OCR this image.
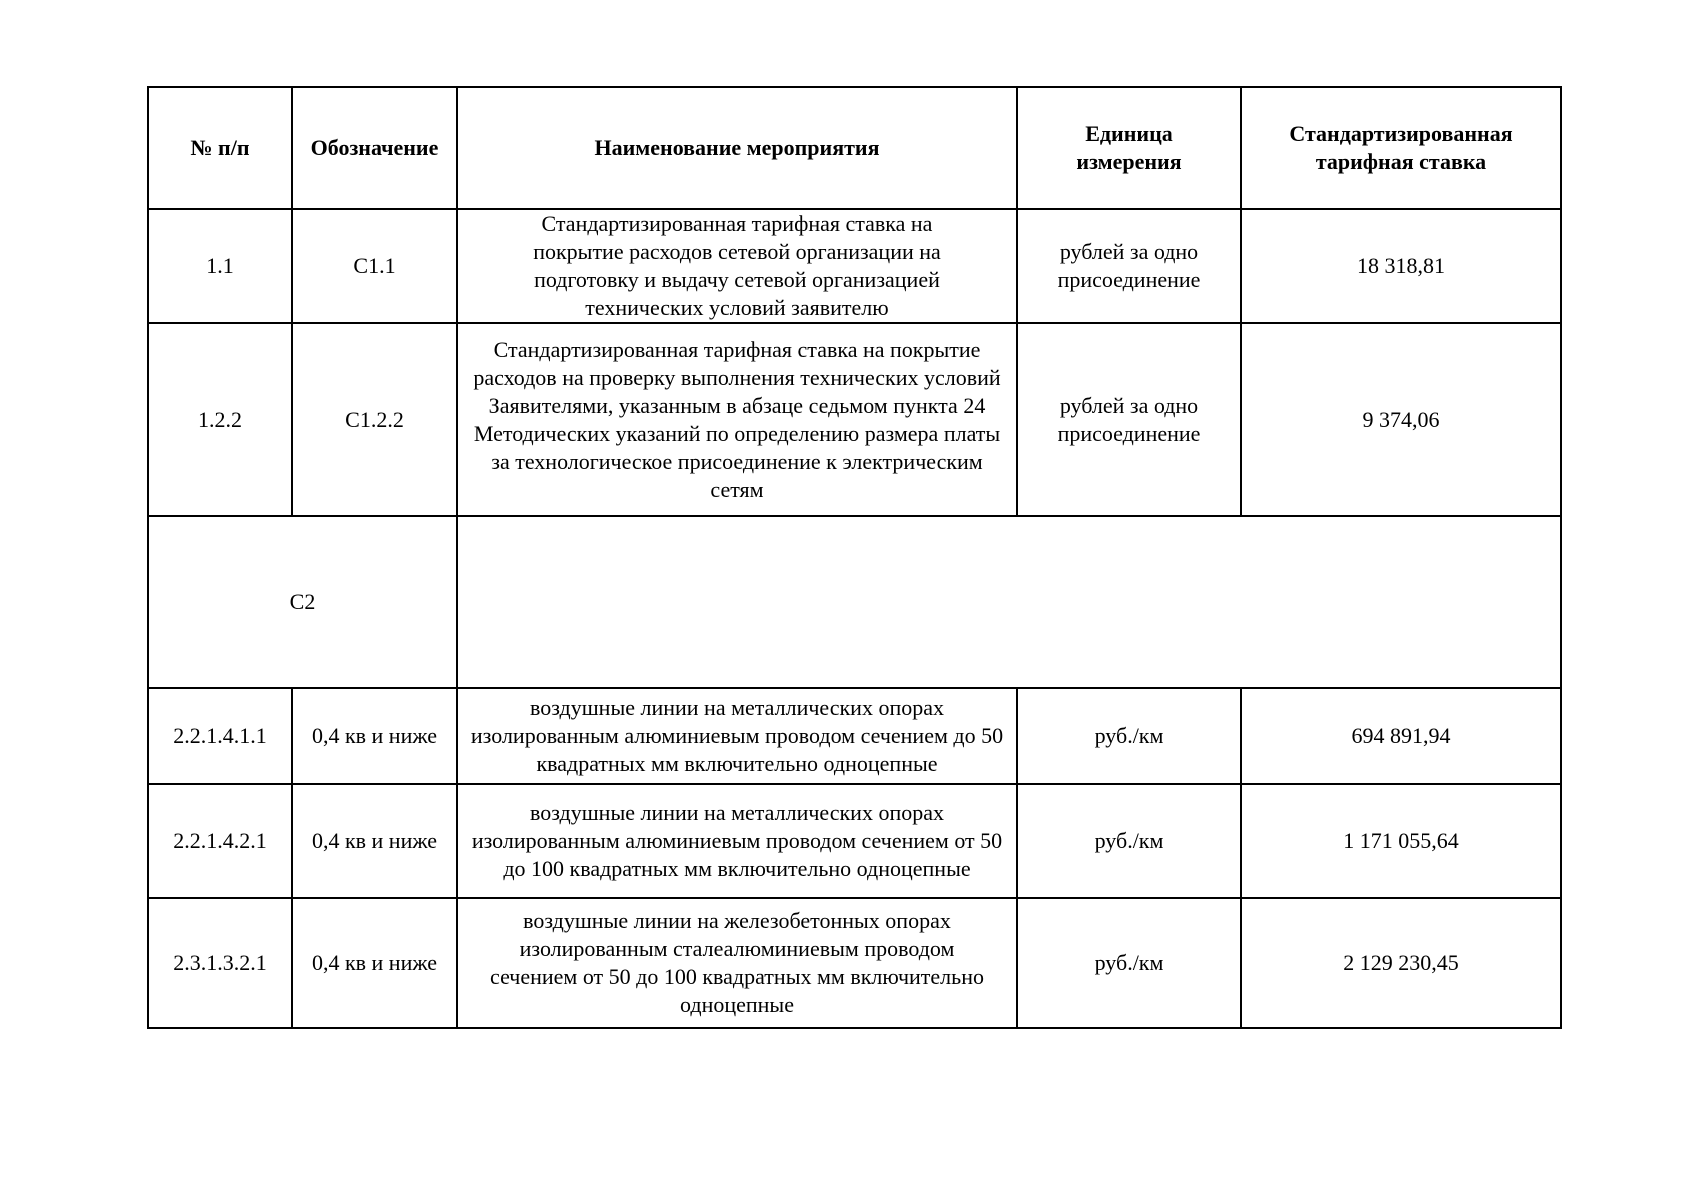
№ п/п	Обозначение	Наименование мероприятия	Единица измерения	Стандартизированная тарифная ставка
1.1	С1.1	Стандартизированная тарифная ставка на покрытие расходов сетевой организации на подготовку и выдачу сетевой организацией технических условий заявителю	рублей за одно присоединение	18 318,81
1.2.2	С1.2.2	Стандартизированная тарифная ставка на покрытие расходов на проверку выполнения технических условий Заявителями, указанным в абзаце седьмом пункта 24 Методических указаний по определению размера платы за технологическое присоединение к электрическим сетям	рублей за одно присоединение	9 374,06
С2				
2.2.1.4.1.1	0,4 кв и ниже	воздушные линии на металлических опорах изолированным алюминиевым проводом сечением до 50 квадратных мм включительно одноцепные	руб./км	694 891,94
2.2.1.4.2.1	0,4 кв и ниже	воздушные линии на металлических опорах изолированным алюминиевым проводом сечением от 50 до 100 квадратных мм включительно одноцепные	руб./км	1 171 055,64
2.3.1.3.2.1	0,4 кв и ниже	воздушные линии на железобетонных опорах изолированным сталеалюминиевым проводом сечением от 50 до 100 квадратных мм включительно одноцепные	руб./км	2 129 230,45
